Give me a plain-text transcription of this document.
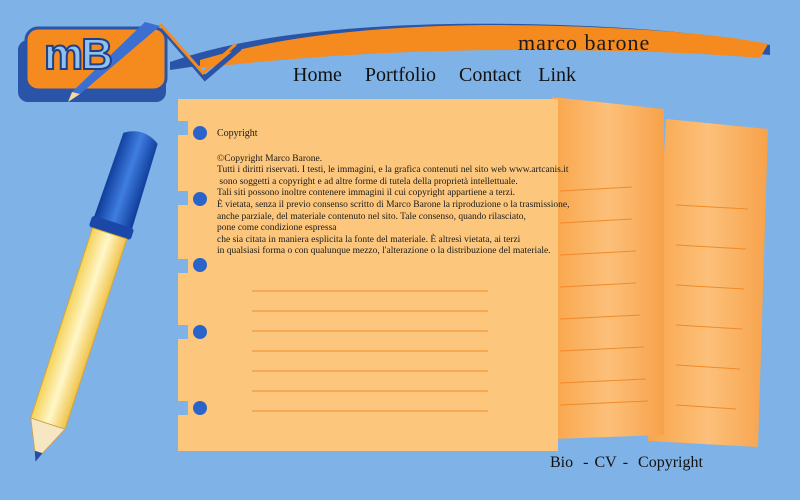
mB	marco barone
Home Portfolio Contact Link
Copyright

©Copyright Marco Barone.

Tutti i diritti riservati. I testi, le immagini, e la grafica contenuti nel sito web www.artcanis.it

sono soggetti a copyright e ad altre forme di tutela della proprietà intellettuale.

Tali siti possono inoltre contenere immagini il cui copyright appartiene a terzi.

È vietata, senza il previo consenso scritto di Marco Barone la riproduzione o la trasmissione,

anche parziale, del materiale contenuto nel sito. Tale consenso, quando rilasciato,

pone come condizione espressa

che sia citata in maniera esplicita la fonte del materiale. È altresì vietata, ai terzi

in qualsiasi forma o con qualunque mezzo, l'alterazione o la distribuzione del materiale.

Bio - CV - Copyright
